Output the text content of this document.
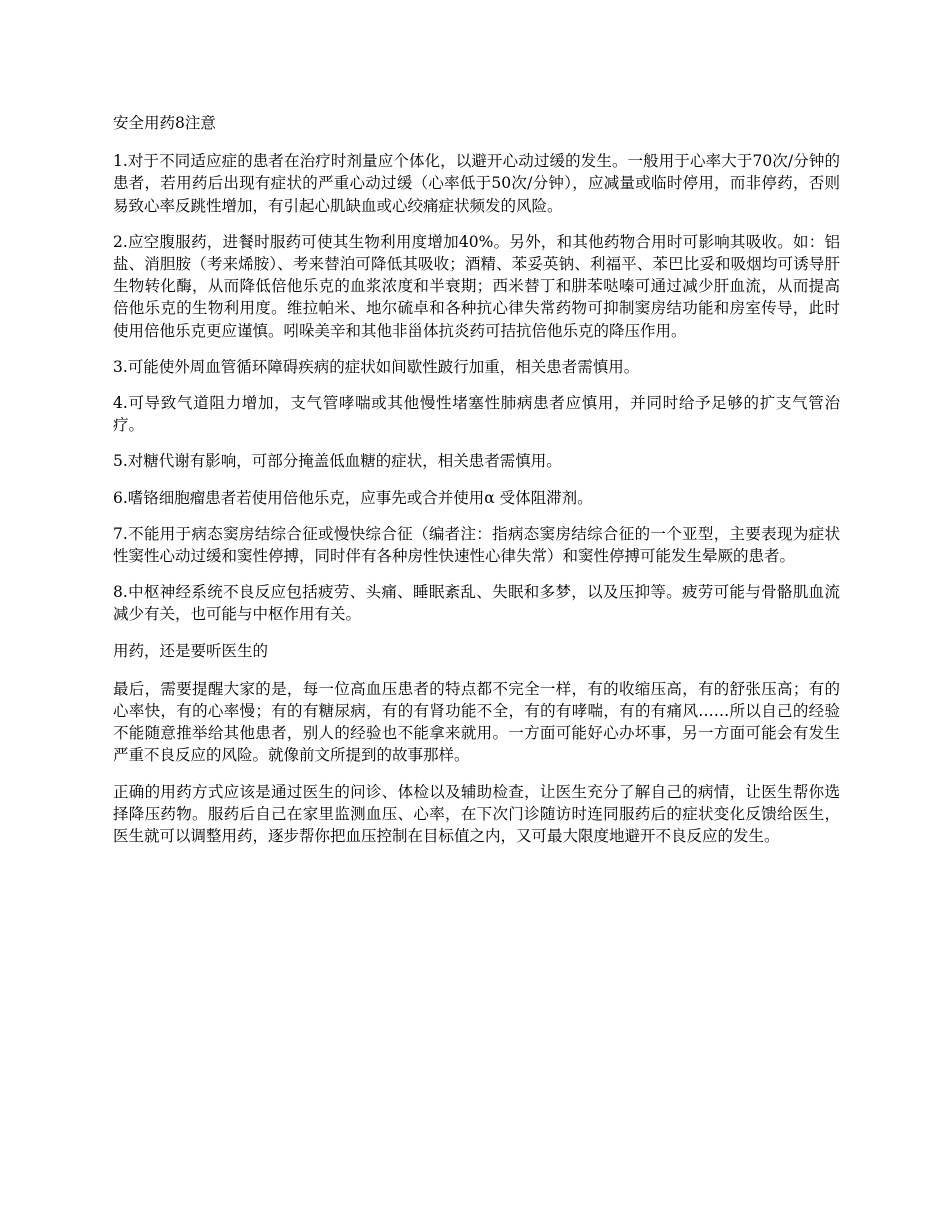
安全用药8注意

1.对于不同适应症的患者在治疗时剂量应个体化，以避开心动过缓的发生。一般用于心率大于70次/分钟的患者，若用药后出现有症状的严重心动过缓（心率低于50次/分钟），应减量或临时停用，而非停药，否则易致心率反跳性增加，有引起心肌缺血或心绞痛症状频发的风险。

2.应空腹服药，进餐时服药可使其生物利用度增加40%。另外，和其他药物合用时可影响其吸收。如：铝盐、消胆胺（考来烯胺）、考来替泊可降低其吸收；酒精、苯妥英钠、利福平、苯巴比妥和吸烟均可诱导肝生物转化酶，从而降低倍他乐克的血浆浓度和半衰期；西米替丁和肼苯哒嗪可通过减少肝血流，从而提高倍他乐克的生物利用度。维拉帕米、地尔硫卓和各种抗心律失常药物可抑制窦房结功能和房室传导，此时使用倍他乐克更应谨慎。吲哚美辛和其他非甾体抗炎药可拮抗倍他乐克的降压作用。

3.可能使外周血管循环障碍疾病的症状如间歇性跛行加重，相关患者需慎用。

4.可导致气道阻力增加，支气管哮喘或其他慢性堵塞性肺病患者应慎用，并同时给予足够的扩支气管治疗。

5.对糖代谢有影响，可部分掩盖低血糖的症状，相关患者需慎用。

6.嗜铬细胞瘤患者若使用倍他乐克，应事先或合并使用α 受体阻滞剂。

7.不能用于病态窦房结综合征或慢快综合征（编者注：指病态窦房结综合征的一个亚型，主要表现为症状性窦性心动过缓和窦性停搏，同时伴有各种房性快速性心律失常）和窦性停搏可能发生晕厥的患者。

8.中枢神经系统不良反应包括疲劳、头痛、睡眠紊乱、失眠和多梦，以及压抑等。疲劳可能与骨骼肌血流减少有关，也可能与中枢作用有关。

用药，还是要听医生的

最后，需要提醒大家的是，每一位高血压患者的特点都不完全一样，有的收缩压高，有的舒张压高；有的心率快，有的心率慢；有的有糖尿病，有的有肾功能不全，有的有哮喘，有的有痛风……所以自己的经验不能随意推举给其他患者，别人的经验也不能拿来就用。一方面可能好心办坏事，另一方面可能会有发生严重不良反应的风险。就像前文所提到的故事那样。

正确的用药方式应该是通过医生的问诊、体检以及辅助检查，让医生充分了解自己的病情，让医生帮你选择降压药物。服药后自己在家里监测血压、心率，在下次门诊随访时连同服药后的症状变化反馈给医生，医生就可以调整用药，逐步帮你把血压控制在目标值之内，又可最大限度地避开不良反应的发生。
